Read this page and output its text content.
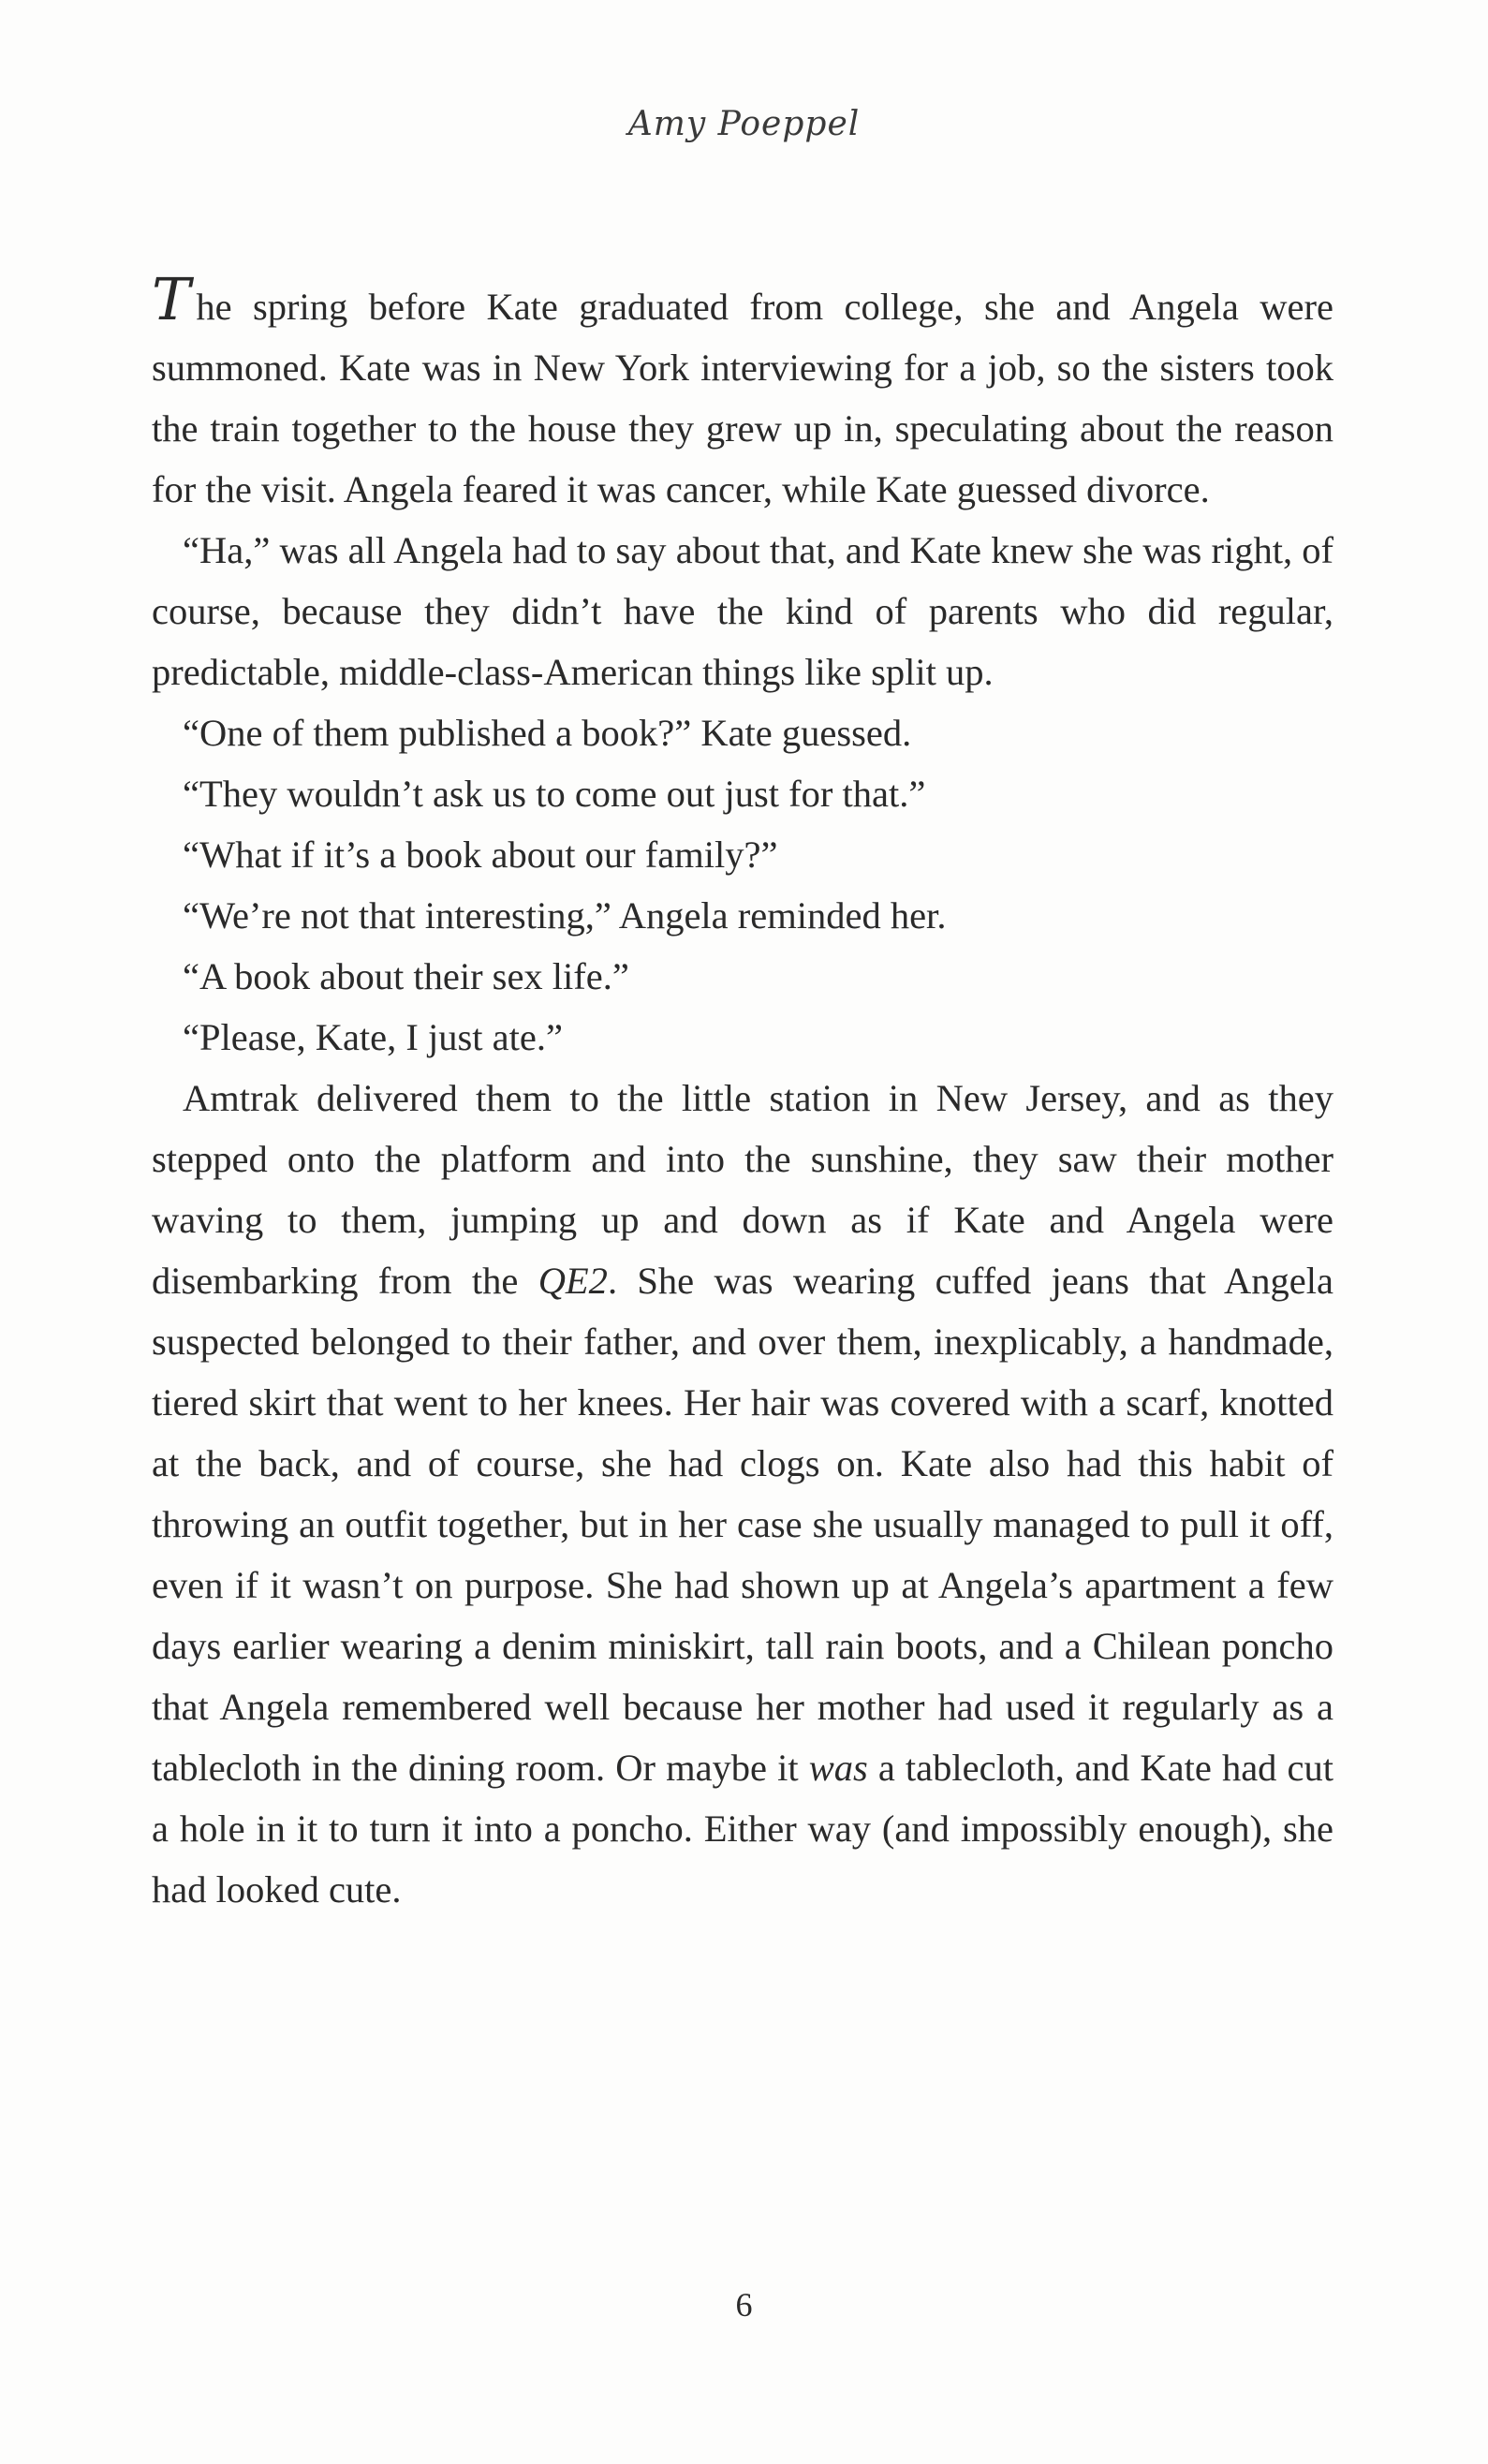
Amy Poeppel

The spring before Kate graduated from college, she and Angela were summoned. Kate was in New York interviewing for a job, so the sisters took the train together to the house they grew up in, speculating about the reason for the visit. Angela feared it was cancer, while Kate guessed divorce.

“Ha,” was all Angela had to say about that, and Kate knew she was right, of course, because they didn’t have the kind of parents who did regular, predictable, middle-class-American things like split up.

“One of them published a book?” Kate guessed.

“They wouldn’t ask us to come out just for that.”

“What if it’s a book about our family?”

“We’re not that interesting,” Angela reminded her.

“A book about their sex life.”

“Please, Kate, I just ate.”

Amtrak delivered them to the little station in New Jersey, and as they stepped onto the platform and into the sunshine, they saw their mother waving to them, jumping up and down as if Kate and Angela were disembarking from the QE2. She was wearing cuffed jeans that Angela suspected belonged to their father, and over them, inexplicably, a handmade, tiered skirt that went to her knees. Her hair was covered with a scarf, knotted at the back, and of course, she had clogs on. Kate also had this habit of throwing an outfit together, but in her case she usually managed to pull it off, even if it wasn’t on purpose. She had shown up at Angela’s apartment a few days earlier wearing a denim miniskirt, tall rain boots, and a Chilean poncho that Angela remembered well because her mother had used it regularly as a tablecloth in the dining room. Or maybe it was a tablecloth, and Kate had cut a hole in it to turn it into a poncho. Either way (and impossibly enough), she had looked cute.

6
